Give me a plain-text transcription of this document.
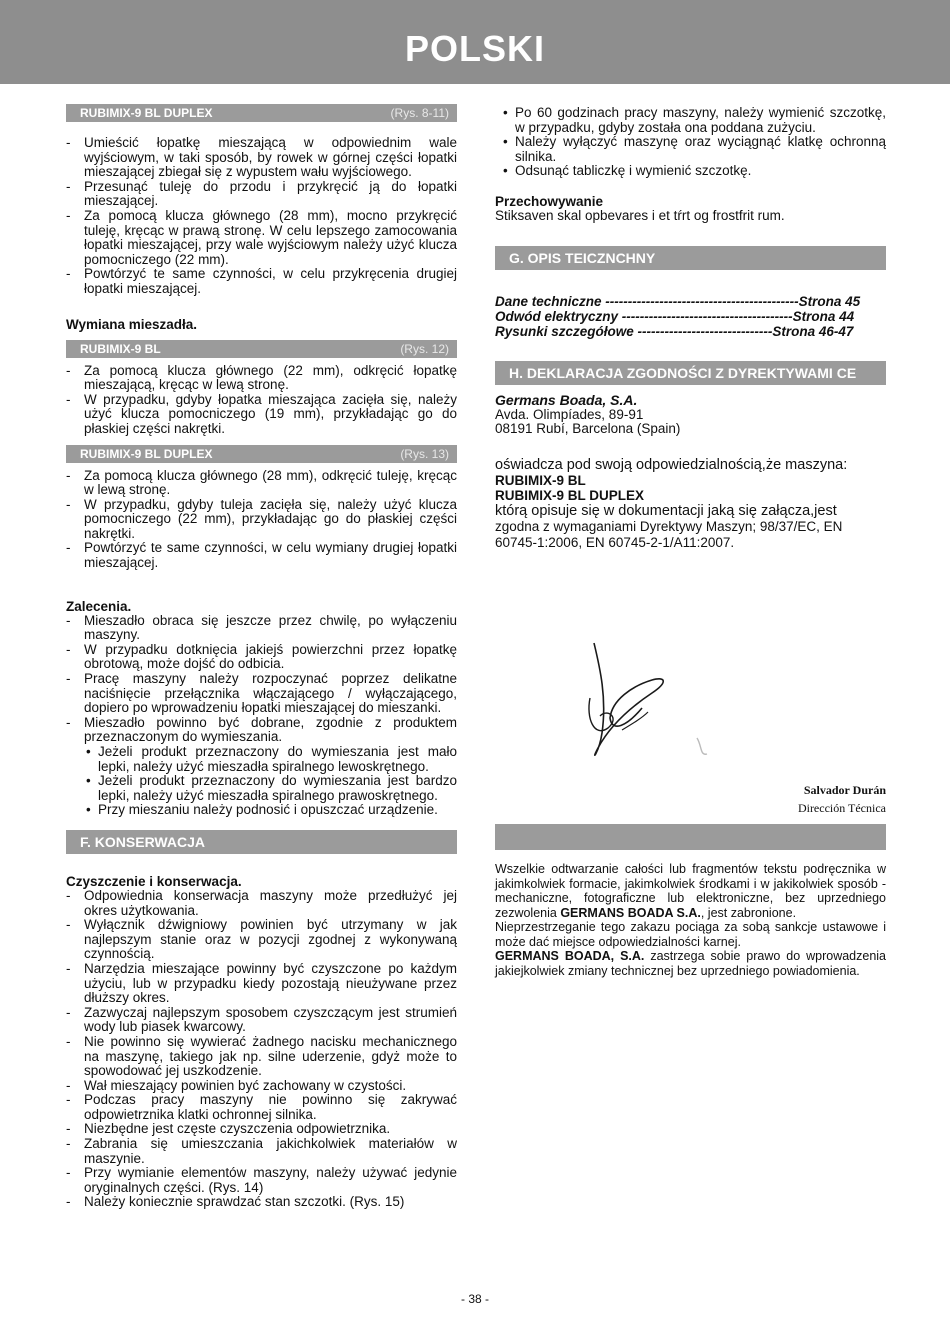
POLSKI
RUBIMIX-9 BL DUPLEX	(Rys. 8-11)
- Umieścić łopatkę mieszającą w odpowiednim wale wyjściowym, w taki sposób, by rowek w górnej części łopatki mieszającej zbiegał się z wypustem wału wyjściowego.
- Przesunąć tuleję do przodu i przykręcić ją do łopatki mieszającej.
- Za pomocą klucza głównego (28 mm), mocno przykręcić tuleję, kręcąc w prawą stronę. W celu lepszego zamocowania łopatki mieszającej, przy wale wyjściowym należy użyć klucza pomocniczego (22 mm).
- Powtórzyć te same czynności, w celu przykręcenia drugiej łopatki mieszającej.
Wymiana mieszadła.
RUBIMIX-9 BL	(Rys. 12)
- Za pomocą klucza głównego (22 mm), odkręcić łopatkę mieszającą, kręcąc w lewą stronę.
- W przypadku, gdyby łopatka mieszająca zacięła się, należy użyć klucza pomocniczego (19 mm), przykładając go do płaskiej części nakrętki.
RUBIMIX-9 BL DUPLEX	(Rys. 13)
- Za pomocą klucza głównego (28 mm), odkręcić tuleję, kręcąc w lewą stronę.
- W przypadku, gdyby tuleja zacięła się, należy użyć klucza pomocniczego (22 mm), przykładając go do płaskiej części nakrętki.
- Powtórzyć te same czynności, w celu wymiany drugiej łopatki mieszającej.
Zalecenia.
- Mieszadło obraca się jeszcze przez chwilę, po wyłączeniu maszyny.
- W przypadku dotknięcia jakiejś powierzchni przez łopatkę obrotową, może dojść do odbicia.
- Pracę maszyny należy rozpoczynać poprzez delikatne naciśnięcie przełącznika włączającego / wyłączającego, dopiero po wprowadzeniu łopatki mieszającej do mieszanki.
- Mieszadło powinno być dobrane, zgodnie z produktem przeznaczonym do wymieszania.
• Jeżeli produkt przeznaczony do wymieszania jest mało lepki, należy użyć mieszadła spiralnego lewoskrętnego.
• Jeżeli produkt przeznaczony do wymieszania jest bardzo lepki, należy użyć mieszadła spiralnego prawoskrętnego.
• Przy mieszaniu należy podnosić i opuszczać urządzenie.
F. KONSERWACJA
Czyszczenie i konserwacja.
- Odpowiednia konserwacja maszyny może przedłużyć jej okres użytkowania.
- Wyłącznik dźwigniowy powinien być utrzymany w jak najlepszym stanie oraz w pozycji zgodnej z wykonywaną czynnością.
- Narzędzia mieszające powinny być czyszczone po każdym użyciu, lub w przypadku kiedy pozostają nieużywane przez dłuższy okres.
- Zazwyczaj najlepszym sposobem czyszczącym jest strumień wody lub piasek kwarcowy.
- Nie powinno się wywierać żadnego nacisku mechanicznego na maszynę, takiego jak np. silne uderzenie, gdyż może to spowodować jej uszkodzenie.
- Wał mieszający powinien być zachowany w czystości.
- Podczas pracy maszyny nie powinno się zakrywać odpowietrznika klatki ochronnej silnika.
- Niezbędne jest częste czyszczenia odpowietrznika.
- Zabrania się umieszczania jakichkolwiek materiałów w maszynie.
- Przy wymianie elementów maszyny, należy używać jedynie oryginalnych części. (Rys. 14)
- Należy koniecznie sprawdzać stan szczotki. (Rys. 15)
• Po 60 godzinach pracy maszyny, należy wymienić szczotkę, w przypadku, gdyby została ona poddana zużyciu.
• Należy wyłączyć maszynę oraz wyciągnąć klatkę ochronną silnika.
• Odsunąć tabliczkę i wymienić szczotkę.
Przechowywanie

Stiksaven skal opbevares i et tŕrt og frostfrit rum.

G. OPIS TEICZNCHNY
Dane techniczne -------------------------------------------Strona 45
Odwód elektryczny --------------------------------------Strona 44
Rysunki szczegółowe ------------------------------Strona 46-47
H. DEKLARACJA ZGODNOŚCI Z DYREKTYWAMI CE
Germans Boada, S.A.

Avda. Olimpíades, 89-91

08191 Rubí, Barcelona (Spain)

oświadcza pod swoją odpowiedzialnością,że maszyna:

RUBIMIX-9 BL
RUBIMIX-9 BL DUPLEX

którą opisuje się w dokumentacji jaką się załącza,jest

zgodna z wymaganiami Dyrektywy Maszyn; 98/37/EC, EN 60745-1:2006, EN 60745-2-1/A11:2007.

Salvador Durán
Dirección Técnica

Wszelkie odtwarzanie całości lub fragmentów tekstu podręcznika w jakimkolwiek formacie, jakimkolwiek środkami i w jakikolwiek sposób - mechaniczne, fotograficzne lub elektroniczne, bez uprzedniego zezwolenia GERMANS BOADA S.A., jest zabronione.

Nieprzestrzeganie tego zakazu pociąga za sobą sankcje ustawowe i może dać miejsce odpowiedzialności karnej.

GERMANS BOADA, S.A. zastrzega sobie prawo do wprowadzenia jakiejkolwiek zmiany technicznej bez uprzedniego powiadomienia.

- 38 -
